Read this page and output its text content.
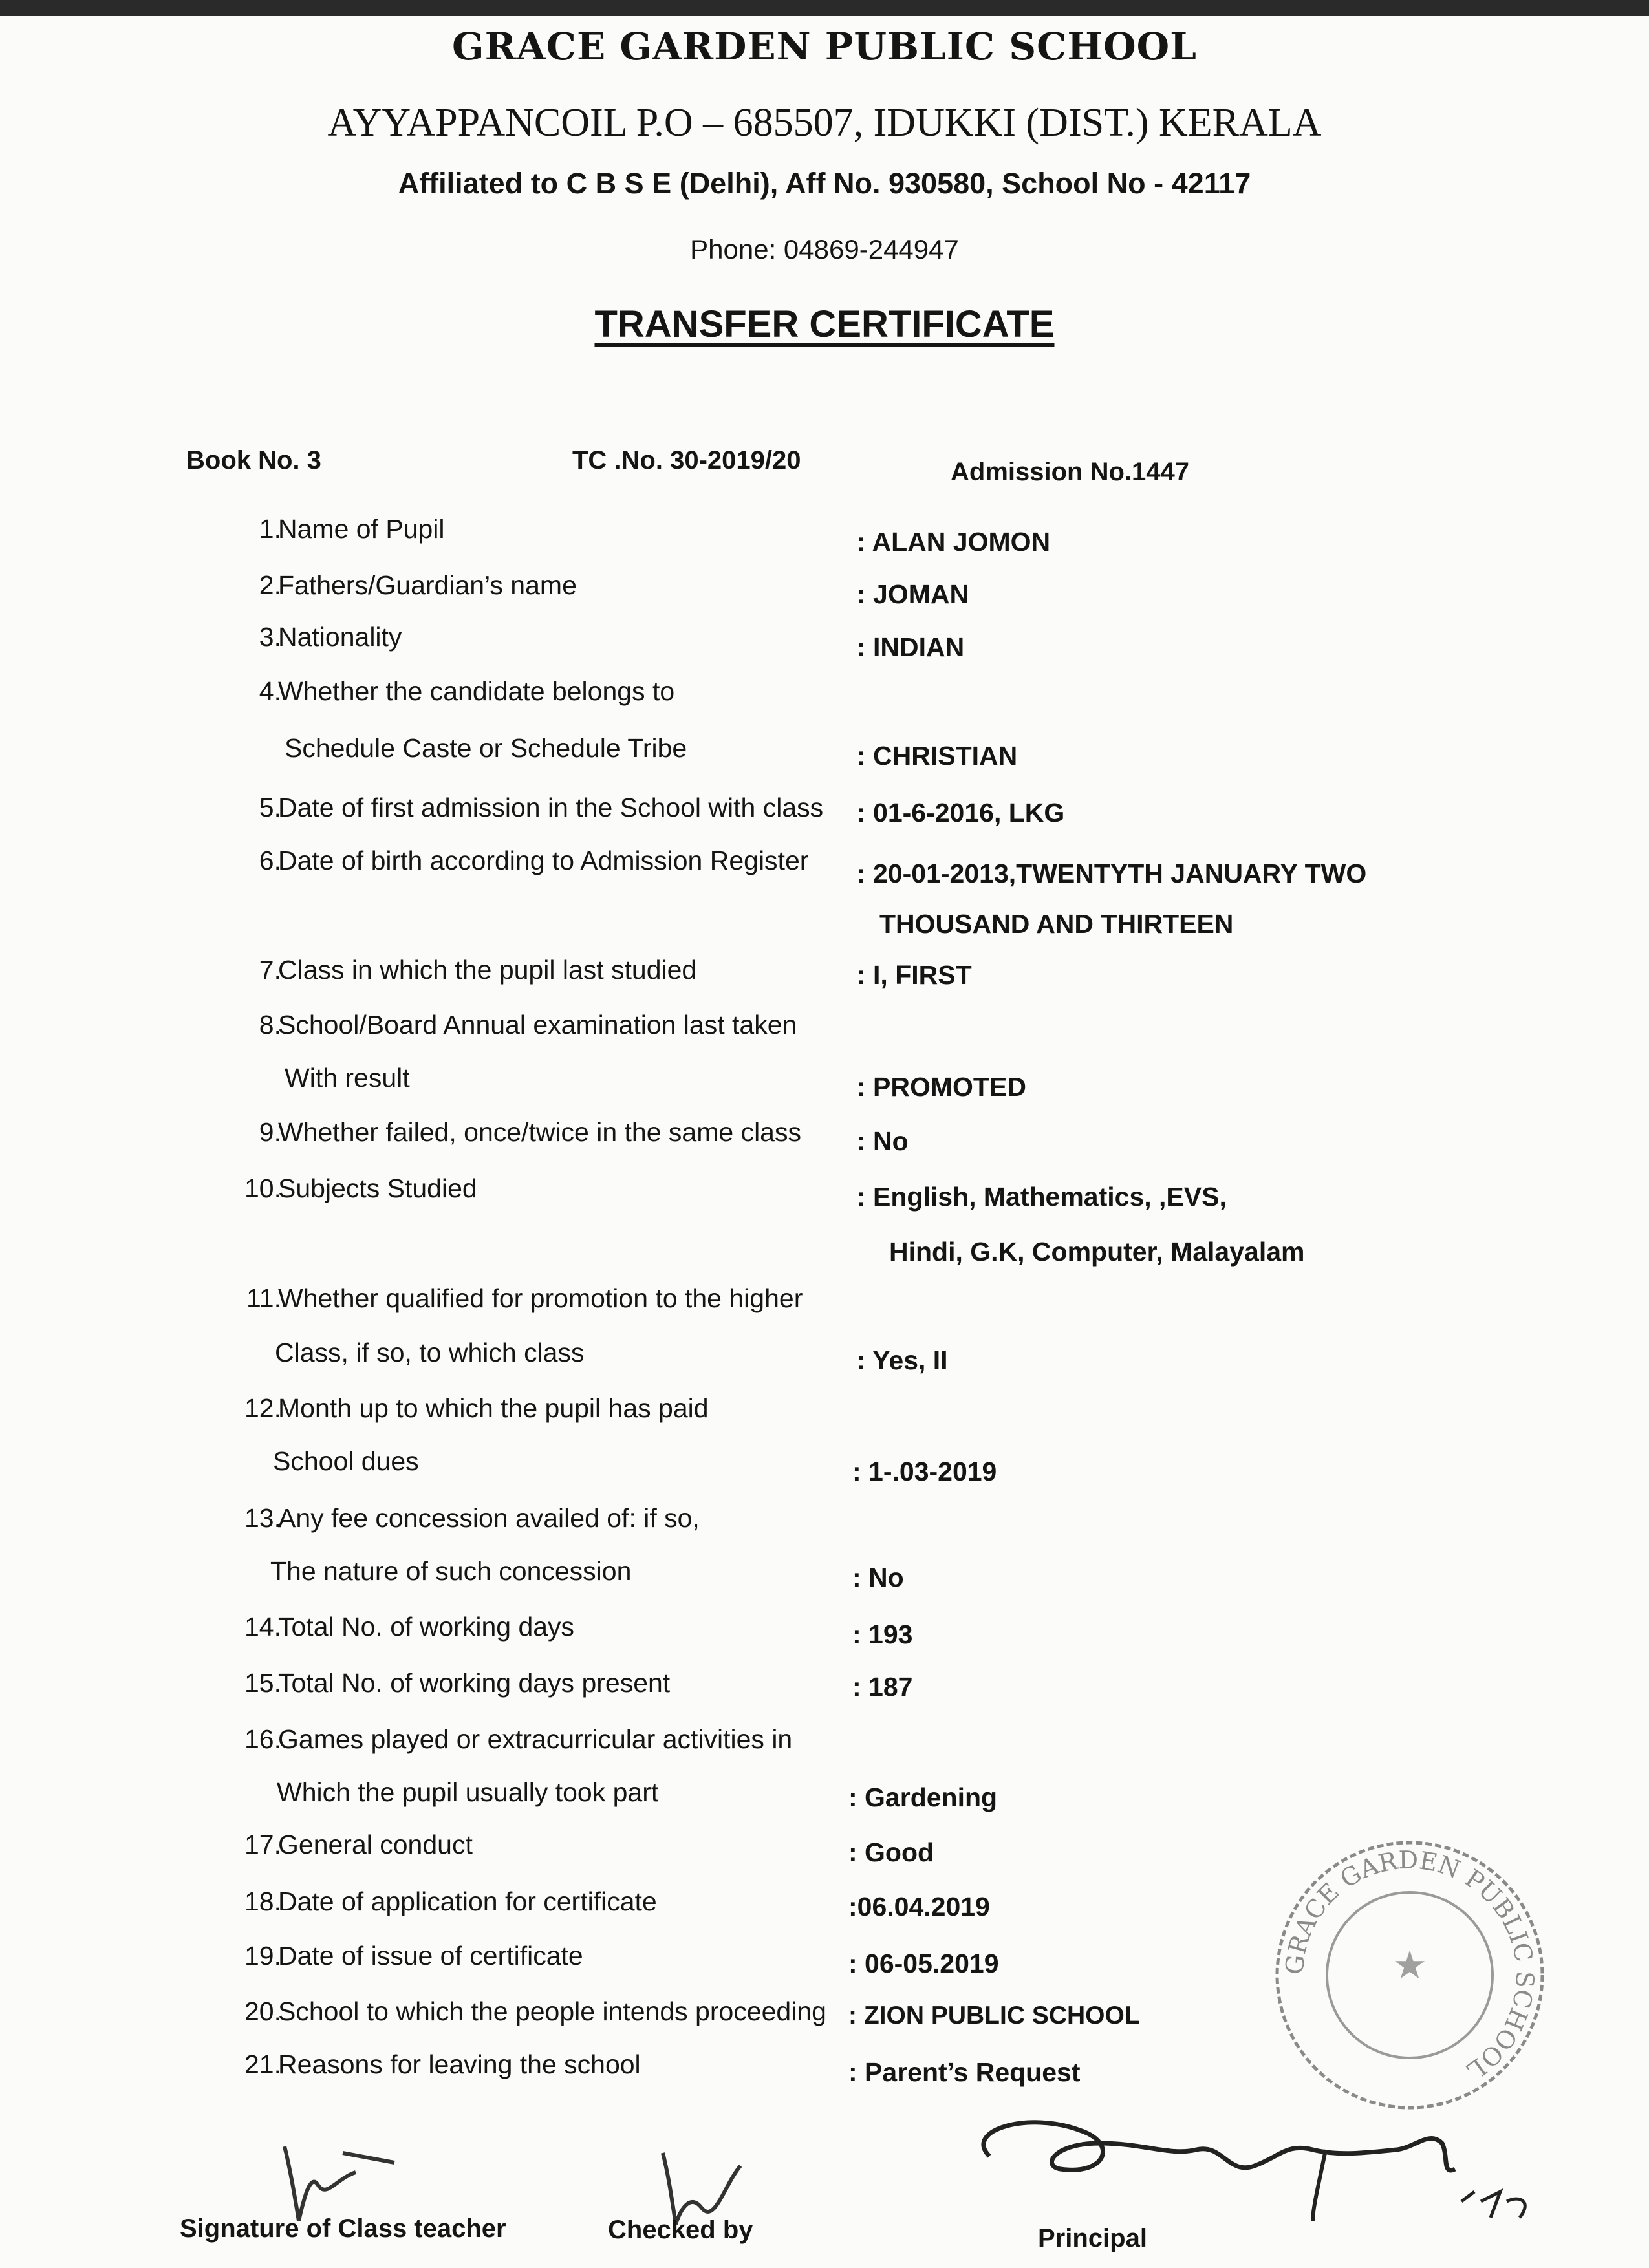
GRACE GARDEN PUBLIC SCHOOL
AYYAPPANCOIL P.O – 685507, IDUKKI (DIST.) KERALA
Affiliated to C B S E (Delhi), Aff No. 930580, School No - 42117
Phone: 04869-244947
TRANSFER CERTIFICATE
Book No. 3	TC .No. 30-2019/20	Admission No.1447
1.
Name of Pupil	: ALAN JOMON
2.
Fathers/Guardian’s name	: JOMAN
3.
Nationality	: INDIAN
4.
Whether the candidate belongs to
Schedule Caste or Schedule Tribe	: CHRISTIAN
5.
Date of first admission in the School with class : 01-6-2016, LKG
6.
Date of birth according to Admission Register : 20-01-2013,TWENTYTH JANUARY TWO
THOUSAND AND THIRTEEN
7.
Class in which the pupil last studied	: I, FIRST
8.
School/Board Annual examination last taken
With result	: PROMOTED
9.
Whether failed, once/twice in the same class : No
10.
Subjects Studied	: English, Mathematics, ,EVS,
Hindi, G.K, Computer, Malayalam
11.
Whether qualified for promotion to the higher
Class, if so, to which class	: Yes, II
12.
Month up to which the pupil has paid
School dues	: 1-.03-2019
13.
Any fee concession availed of: if so,
The nature of such concession	: No
14.
Total No. of working days	: 193
15.
Total No. of working days present	: 187
16.
Games played or extracurricular activities in
Which the pupil usually took part	: Gardening
17.
General conduct	: Good
18.
Date of application for certificate	:06.04.2019
19.
Date of issue of certificate	: 06-05.2019
20.
School to which the people intends proceeding : ZION PUBLIC SCHOOL
21.
Reasons for leaving the school	: Parent’s Request
GRACE GARDEN PUBLIC SCHOOL
★
Signature of Class teacher	Checked by	Principal
